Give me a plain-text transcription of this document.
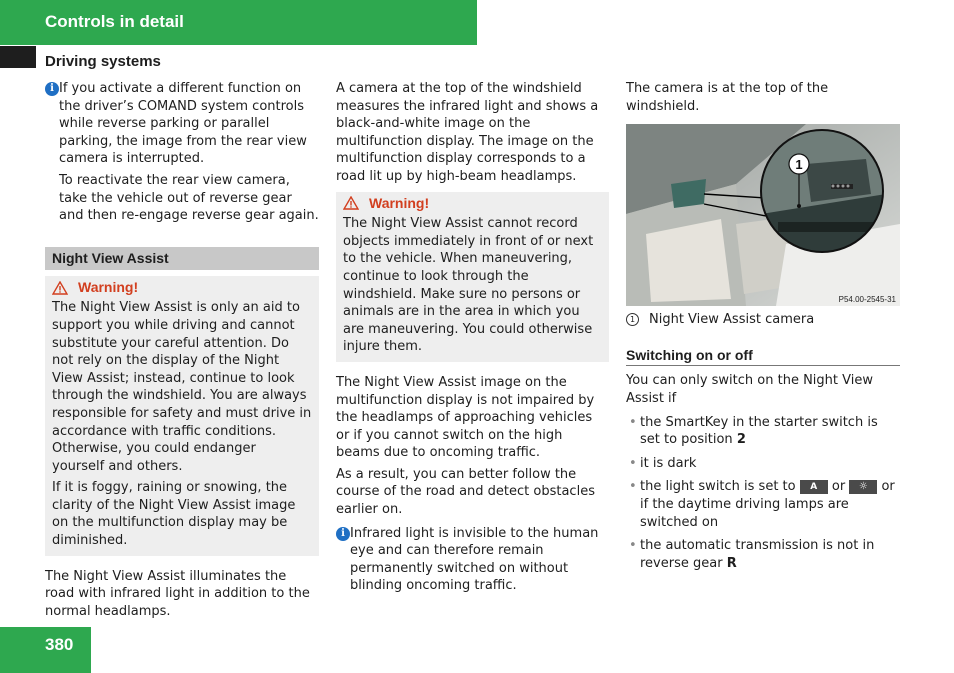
Controls in detail
Driving systems
i If you activate a different function on the driver’s COMAND system controls while reverse parking or parallel parking, the image from the rear view camera is interrupted.

To reactivate the rear view camera, take the vehicle out of reverse gear and then re-engage reverse gear again.

Night View Assist
Warning!

The Night View Assist is only an aid to support you while driving and cannot substitute your careful attention. Do not rely on the display of the Night View Assist; instead, continue to look through the windshield. You are always responsible for safety and must drive in accordance with traffic conditions. Otherwise, you could endanger yourself and others.

If it is foggy, raining or snowing, the clarity of the Night View Assist image on the multifunction display may be diminished.

The Night View Assist illuminates the road with infrared light in addition to the normal headlamps.

A camera at the top of the windshield measures the infrared light and shows a black-and-white image on the multifunction display. The image on the multifunction display corresponds to a road lit up by high-beam headlamps.

Warning!

The Night View Assist cannot record objects immediately in front of or next to the vehicle. When maneuvering, continue to look through the windshield. Make sure no persons or animals are in the area in which you are maneuvering. You could otherwise injure them.

The Night View Assist image on the multifunction display is not impaired by the headlamps of approaching vehicles or if you cannot switch on the high beams due to oncoming traffic.

As a result, you can better follow the course of the road and detect obstacles earlier on.

i Infrared light is invisible to the human eye and can therefore remain permanently switched on without blinding oncoming traffic.

The camera is at the top of the windshield.

1
P54.00-2545-31
1	Night View Assist camera
Switching on or off

You can only switch on the Night View Assist if

• the SmartKey in the starter switch is set to position 2
• it is dark
• the light switch is set to A or ☼ or if the daytime driving lamps are switched on
• the automatic transmission is not in reverse gear R
380
